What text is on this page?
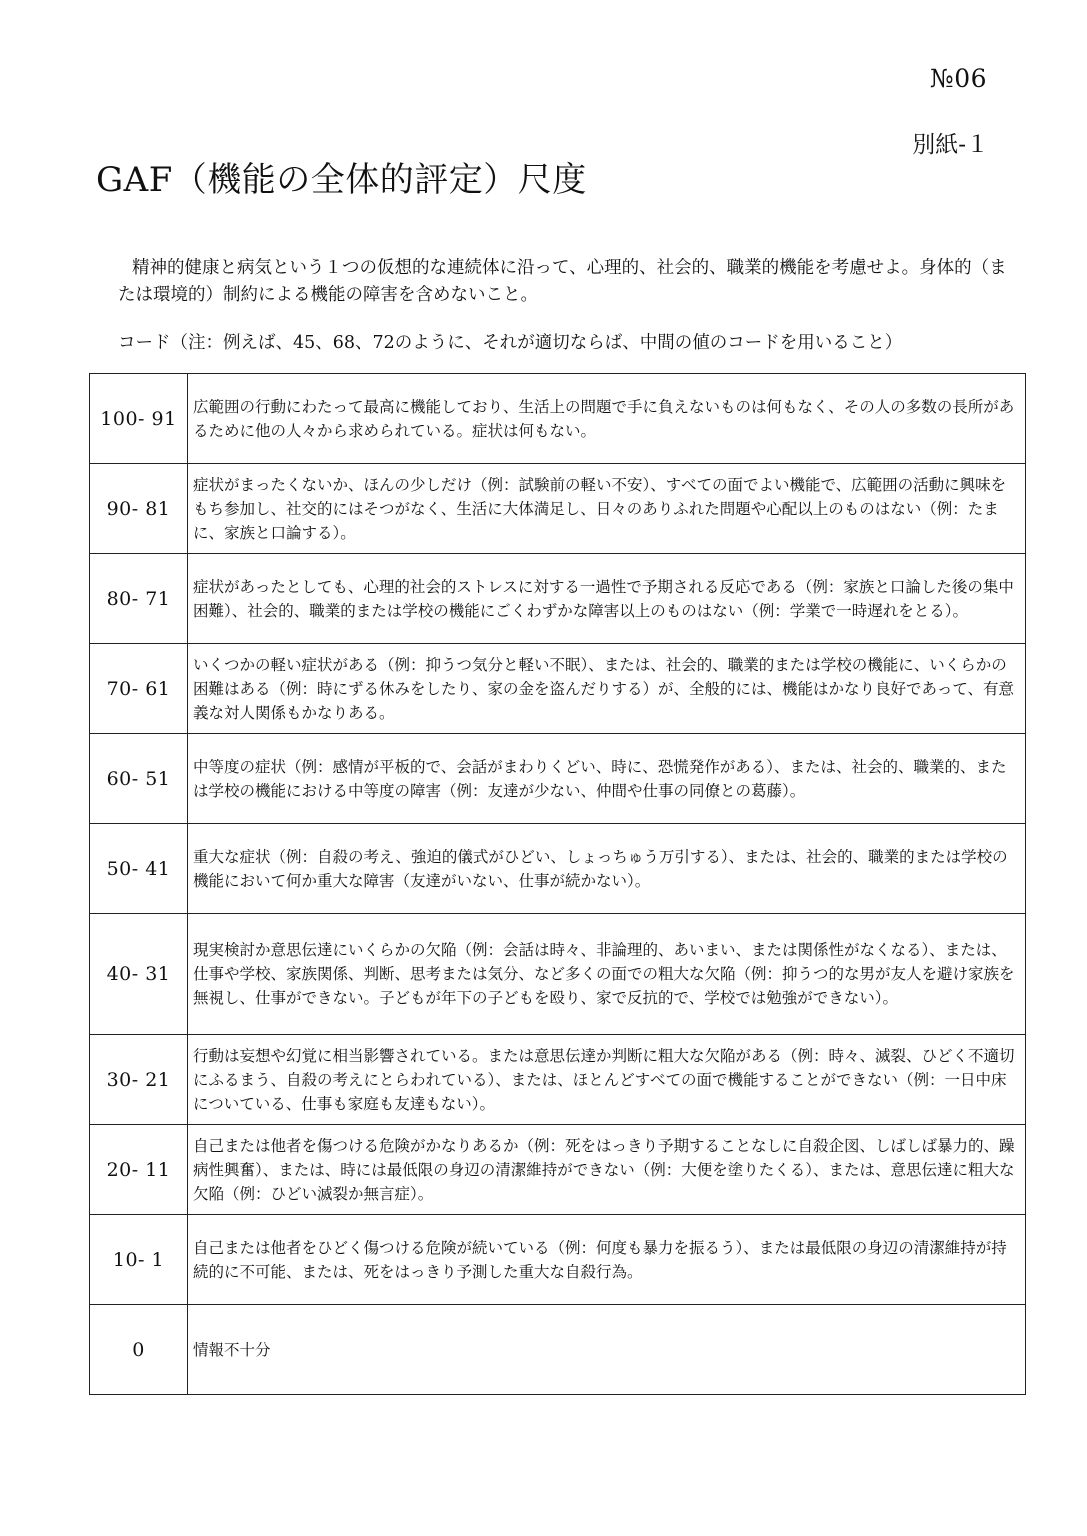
№06
別紙-１
GAF（機能の全体的評定）尺度

精神的健康と病気という１つの仮想的な連続体に沿って、心理的、社会的、職業的機能を考慮せよ。身体的（または環境的）制約による機能の障害を含めないこと。

コード（注：例えば、45、68、72のように、それが適切ならば、中間の値のコードを用いること）

100- 91	広範囲の行動にわたって最高に機能しており、生活上の問題で手に負えないものは何もなく、その人の多数の長所があるために他の人々から求められている。症状は何もない。
90- 81	症状がまったくないか、ほんの少しだけ（例：試験前の軽い不安）、すべての面でよい機能で、広範囲の活動に興味をもち参加し、社交的にはそつがなく、生活に大体満足し、日々のありふれた問題や心配以上のものはない（例：たまに、家族と口論する）。
80- 71	症状があったとしても、心理的社会的ストレスに対する一過性で予期される反応である（例：家族と口論した後の集中困難）、社会的、職業的または学校の機能にごくわずかな障害以上のものはない（例：学業で一時遅れをとる）。
70- 61	いくつかの軽い症状がある（例：抑うつ気分と軽い不眠）、または、社会的、職業的または学校の機能に、いくらかの困難はある（例：時にずる休みをしたり、家の金を盗んだりする）が、全般的には、機能はかなり良好であって、有意義な対人関係もかなりある。
60- 51	中等度の症状（例：感情が平板的で、会話がまわりくどい、時に、恐慌発作がある）、または、社会的、職業的、または学校の機能における中等度の障害（例：友達が少ない、仲間や仕事の同僚との葛藤）。
50- 41	重大な症状（例：自殺の考え、強迫的儀式がひどい、しょっちゅう万引する）、または、社会的、職業的または学校の機能において何か重大な障害（友達がいない、仕事が続かない）。
40- 31	現実検討か意思伝達にいくらかの欠陥（例：会話は時々、非論理的、あいまい、または関係性がなくなる）、または、仕事や学校、家族関係、判断、思考または気分、など多くの面での粗大な欠陥（例：抑うつ的な男が友人を避け家族を無視し、仕事ができない。子どもが年下の子どもを殴り、家で反抗的で、学校では勉強ができない）。
30- 21	行動は妄想や幻覚に相当影響されている。または意思伝達か判断に粗大な欠陥がある（例：時々、滅裂、ひどく不適切にふるまう、自殺の考えにとらわれている）、または、ほとんどすべての面で機能することができない（例：一日中床についている、仕事も家庭も友達もない）。
20- 11	自己または他者を傷つける危険がかなりあるか（例：死をはっきり予期することなしに自殺企図、しばしば暴力的、躁病性興奮）、または、時には最低限の身辺の清潔維持ができない（例：大便を塗りたくる）、または、意思伝達に粗大な欠陥（例：ひどい滅裂か無言症）。
10- 1	自己または他者をひどく傷つける危険が続いている（例：何度も暴力を振るう）、または最低限の身辺の清潔維持が持続的に不可能、または、死をはっきり予測した重大な自殺行為。
0	情報不十分
